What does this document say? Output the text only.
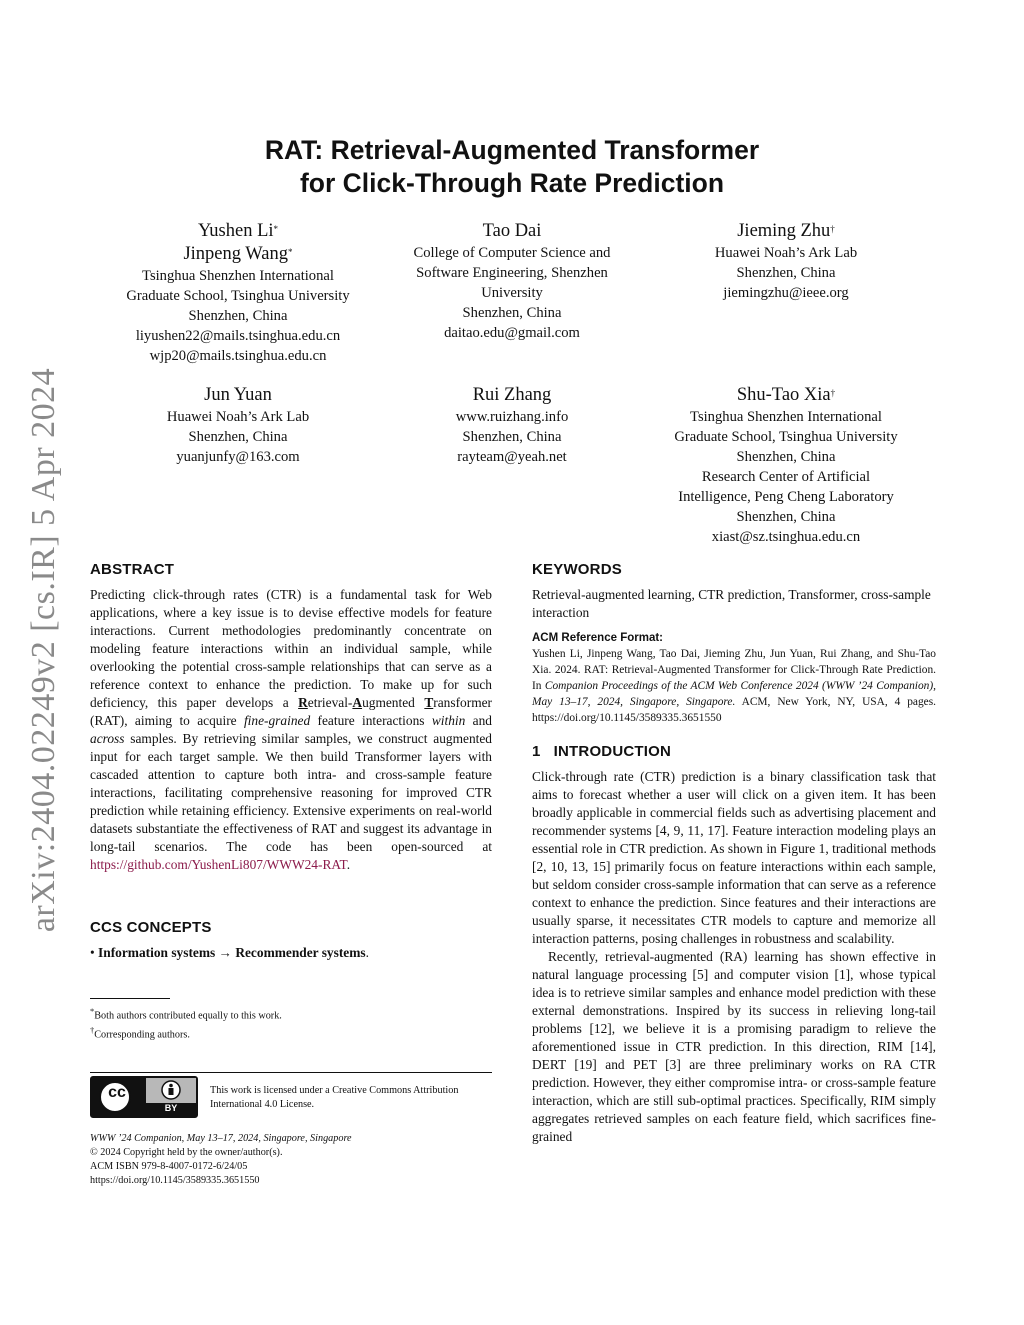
arXiv:2404.02249v2 [cs.IR] 5 Apr 2024
RAT: Retrieval-Augmented Transformer
for Click-Through Rate Prediction
Yushen Li*
Jinpeng Wang*
Tsinghua Shenzhen International
Graduate School, Tsinghua University
Shenzhen, China
liyushen22@mails.tsinghua.edu.cn
wjp20@mails.tsinghua.edu.cn
Tao Dai
College of Computer Science and
Software Engineering, Shenzhen
University
Shenzhen, China
daitao.edu@gmail.com
Jieming Zhu†
Huawei Noah’s Ark Lab
Shenzhen, China
jiemingzhu@ieee.org
Jun Yuan
Huawei Noah’s Ark Lab
Shenzhen, China
yuanjunfy@163.com
Rui Zhang
www.ruizhang.info
Shenzhen, China
rayteam@yeah.net
Shu-Tao Xia†
Tsinghua Shenzhen International
Graduate School, Tsinghua University
Shenzhen, China
Research Center of Artificial
Intelligence, Peng Cheng Laboratory
Shenzhen, China
xiast@sz.tsinghua.edu.cn
ABSTRACT

Predicting click-through rates (CTR) is a fundamental task for Web applications, where a key issue is to devise effective models for feature interactions. Current methodologies predominantly concentrate on modeling feature interactions within an individual sample, while overlooking the potential cross-sample relationships that can serve as a reference context to enhance the prediction. To make up for such deficiency, this paper develops a Retrieval-Augmented Transformer (RAT), aiming to acquire fine-grained feature interactions within and across samples. By retrieving similar samples, we construct augmented input for each target sample. We then build Transformer layers with cascaded attention to capture both intra- and cross-sample feature interactions, facilitating comprehensive reasoning for improved CTR prediction while retaining efficiency. Extensive experiments on real-world datasets substantiate the effectiveness of RAT and suggest its advantage in long-tail scenarios. The code has been open-sourced at https://github.com/YushenLi807/WWW24-RAT.

CCS CONCEPTS

• Information systems → Recommender systems.

*Both authors contributed equally to this work.
†Corresponding authors.
cc
BY
This work is licensed under a Creative Commons Attribution International 4.0 License.
WWW ’24 Companion, May 13–17, 2024, Singapore, Singapore
© 2024 Copyright held by the owner/author(s).
ACM ISBN 979-8-4007-0172-6/24/05
https://doi.org/10.1145/3589335.3651550
KEYWORDS

Retrieval-augmented learning, CTR prediction, Transformer, cross-sample interaction

ACM Reference Format:

Yushen Li, Jinpeng Wang, Tao Dai, Jieming Zhu, Jun Yuan, Rui Zhang, and Shu-Tao Xia. 2024. RAT: Retrieval-Augmented Transformer for Click-Through Rate Prediction. In Companion Proceedings of the ACM Web Conference 2024 (WWW ’24 Companion), May 13–17, 2024, Singapore, Singapore. ACM, New York, NY, USA, 4 pages. https://doi.org/10.1145/3589335.3651550

1   INTRODUCTION

Click-through rate (CTR) prediction is a binary classification task that aims to forecast whether a user will click on a given item. It has been broadly applicable in commercial fields such as advertising placement and recommender systems [4, 9, 11, 17]. Feature interaction modeling plays an essential role in CTR prediction. As shown in Figure 1, traditional methods [2, 10, 13, 15] primarily focus on feature interactions within each sample, but seldom consider cross-sample information that can serve as a reference context to enhance the prediction. Since features and their interactions are usually sparse, it necessitates CTR models to capture and memorize all interaction patterns, posing challenges in robustness and scalability.

Recently, retrieval-augmented (RA) learning has shown effective in natural language processing [5] and computer vision [1], whose typical idea is to retrieve similar samples and enhance model prediction with these external demonstrations. Inspired by its success in relieving long-tail problems [12], we believe it is a promising paradigm to relieve the aforementioned issue in CTR prediction. In this direction, RIM [14], DERT [19] and PET [3] are three preliminary works on RA CTR prediction. However, they either compromise intra- or cross-sample feature interaction, which are still sub-optimal practices. Specifically, RIM simply aggregates retrieved samples on each feature field, which sacrifices fine-grained
